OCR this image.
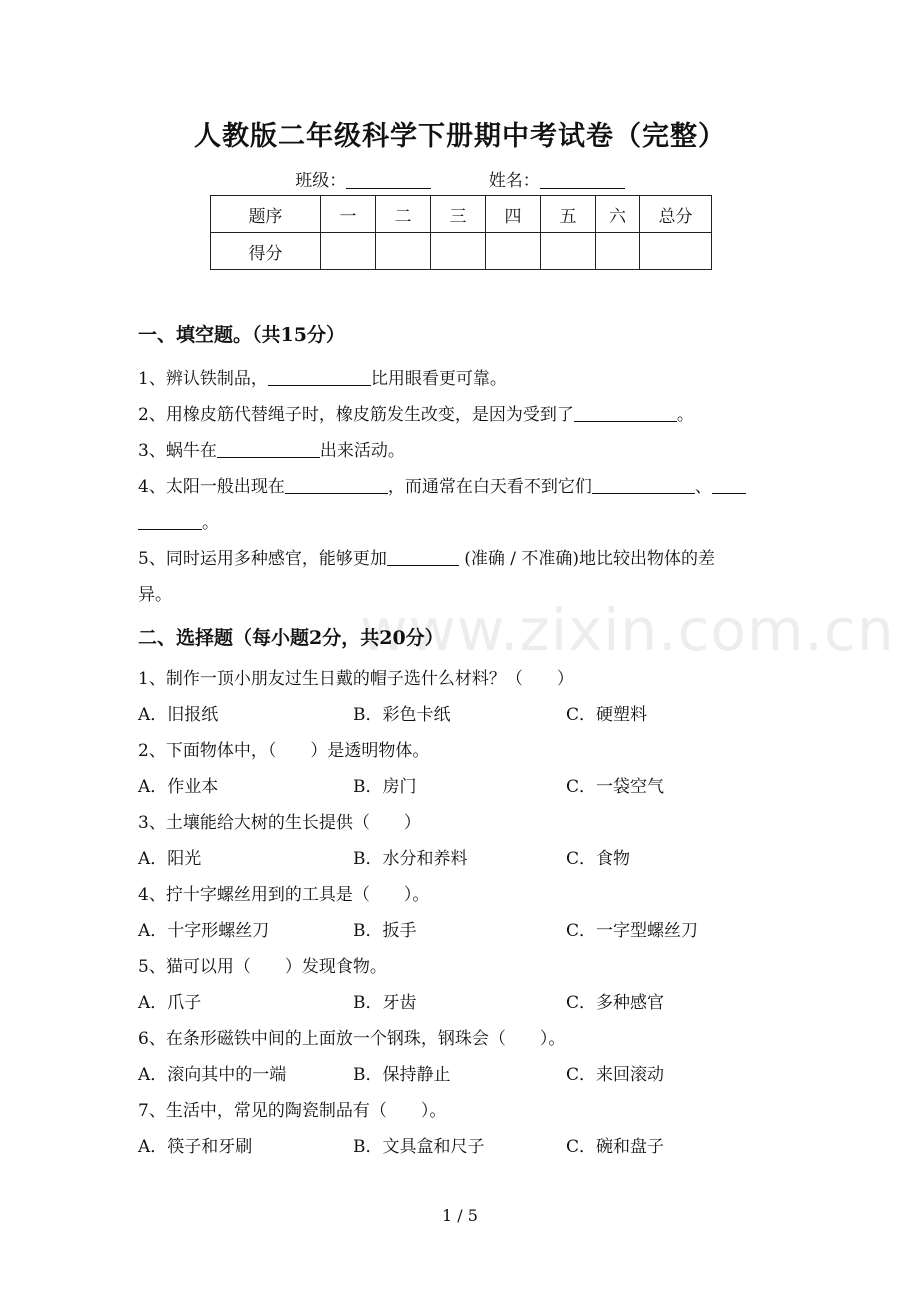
www.zixin.com.cn
人教版二年级科学下册期中考试卷（完整）
班级：	姓名：
题序	一	二	三	四	五	六	总分
得分							
一、填空题。（共15分）
1、辨认铁制品，	比用眼看更可靠。
2、用橡皮筋代替绳子时，橡皮筋发生改变，是因为受到了	。
3、蜗牛在	出来活动。
4、太阳一般出现在	，而通常在白天看不到它们	、
。
5、同时运用多种感官，能够更加	(准确 / 不准确)地比较出物体的差
异。
二、选择题（每小题2分，共20分）
1、制作一顶小朋友过生日戴的帽子选什么材料？（　　）
A．旧报纸	B．彩色卡纸	C．硬塑料
2、下面物体中，（　　）是透明物体。
A．作业本	B．房门	C．一袋空气
3、土壤能给大树的生长提供（　　）
A．阳光	B．水分和养料	C．食物
4、拧十字螺丝用到的工具是（　　）。
A．十字形螺丝刀	B．扳手	C．一字型螺丝刀
5、猫可以用（　　）发现食物。
A．爪子	B．牙齿	C．多种感官
6、在条形磁铁中间的上面放一个钢珠，钢珠会（　　）。
A．滚向其中的一端	B．保持静止	C．来回滚动
7、生活中，常见的陶瓷制品有（　　）。
A．筷子和牙刷	B．文具盒和尺子	C．碗和盘子
1 / 5
